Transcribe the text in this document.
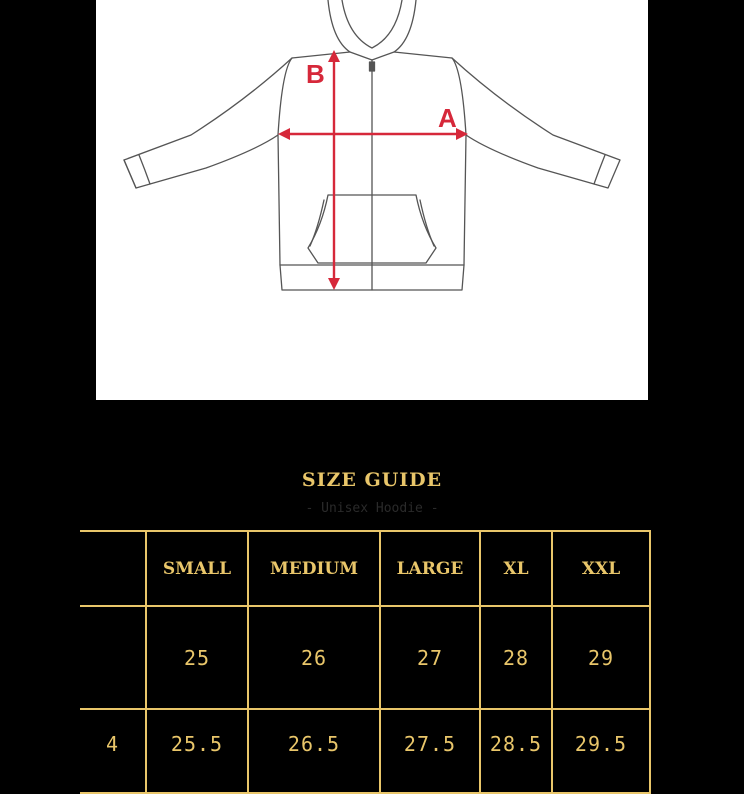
A
B
SIZE GUIDE
- Unisex Hoodie -
	SMALL	MEDIUM	LARGE	XL	XXL
	25	26	27	28	29
4	25.5	26.5	27.5	28.5	29.5
